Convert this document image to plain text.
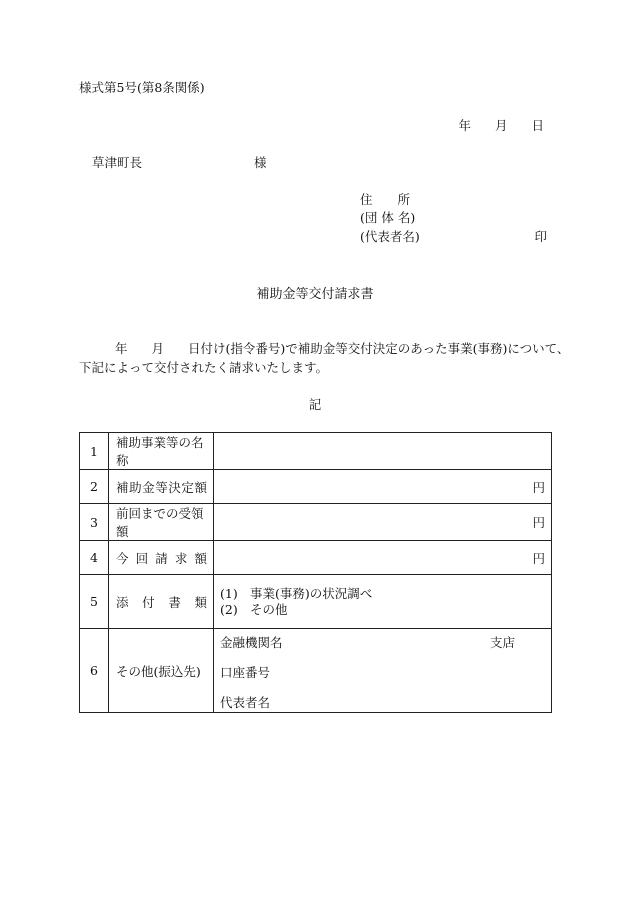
様式第5号(第8条関係)
年 月 日
草津町長	様
住　　所
(団 体 名)
(代表者名)	印
補助金等交付請求書
年 月 日付け(指令番号)で補助金等交付決定のあった事業(事務)について、
下記によって交付されたく請求いたします。
記
1	補助事業等の名称	
2	補助金等決定額	円

3	前回までの受領額	円

4	今回請求額	円

5	添付書類	(1) 事業(事務)の状況調べ
(2) その他

6	その他(振込先)	金融機関名 支店
口座番号
代表者名
